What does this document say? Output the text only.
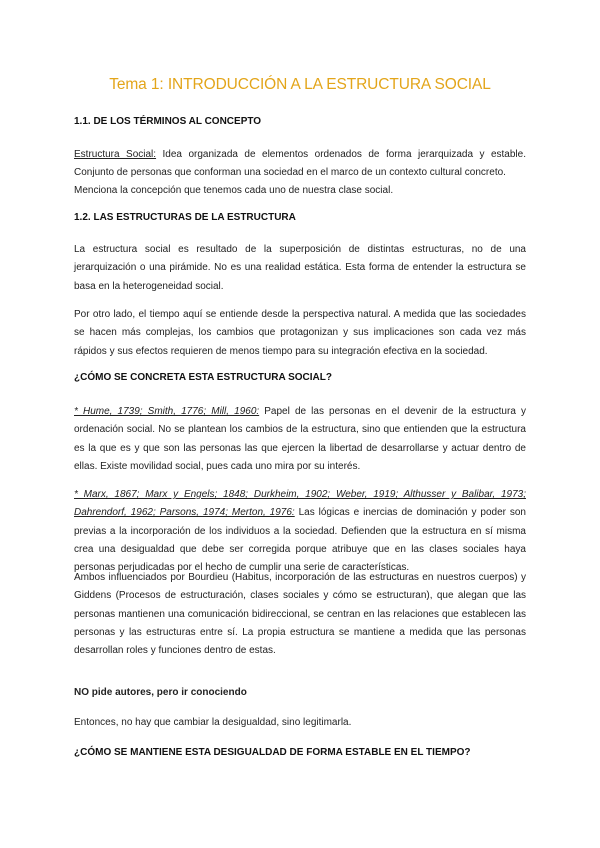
Tema 1: INTRODUCCIÓN A LA ESTRUCTURA SOCIAL
1.1. DE LOS TÉRMINOS AL CONCEPTO
Estructura Social: Idea organizada de elementos ordenados de forma jerarquizada y estable. Conjunto de personas que conforman una sociedad en el marco de un contexto cultural concreto.
Menciona la concepción que tenemos cada uno de nuestra clase social.
1.2. LAS ESTRUCTURAS DE LA ESTRUCTURA
La estructura social es resultado de la superposición de distintas estructuras, no de una jerarquización o una pirámide. No es una realidad estática. Esta forma de entender la estructura se basa en la heterogeneidad social.
Por otro lado, el tiempo aquí se entiende desde la perspectiva natural. A medida que las sociedades se hacen más complejas, los cambios que protagonizan y sus implicaciones son cada vez más rápidos y sus efectos requieren de menos tiempo para su integración efectiva en la sociedad.
¿CÓMO SE CONCRETA ESTA ESTRUCTURA SOCIAL?
* Hume, 1739; Smith, 1776; Mill, 1960: Papel de las personas en el devenir de la estructura y ordenación social. No se plantean los cambios de la estructura, sino que entienden que la estructura es la que es y que son las personas las que ejercen la libertad de desarrollarse y actuar dentro de ellas. Existe movilidad social, pues cada uno mira por su interés.
* Marx, 1867; Marx y Engels; 1848; Durkheim, 1902; Weber, 1919; Althusser y Balibar, 1973; Dahrendorf, 1962; Parsons, 1974; Merton, 1976: Las lógicas e inercias de dominación y poder son previas a la incorporación de los individuos a la sociedad. Defienden que la estructura en sí misma crea una desigualdad que debe ser corregida porque atribuye que en las clases sociales haya personas perjudicadas por el hecho de cumplir una serie de características.
Ambos influenciados por Bourdieu (Habitus, incorporación de las estructuras en nuestros cuerpos) y Giddens (Procesos de estructuración, clases sociales y cómo se estructuran), que alegan que las personas mantienen una comunicación bidireccional, se centran en las relaciones que establecen las personas y las estructuras entre sí. La propia estructura se mantiene a medida que las personas desarrollan roles y funciones dentro de estas.
NO pide autores, pero ir conociendo
Entonces, no hay que cambiar la desigualdad, sino legitimarla.
¿CÓMO SE MANTIENE ESTA DESIGUALDAD DE FORMA ESTABLE EN EL TIEMPO?
